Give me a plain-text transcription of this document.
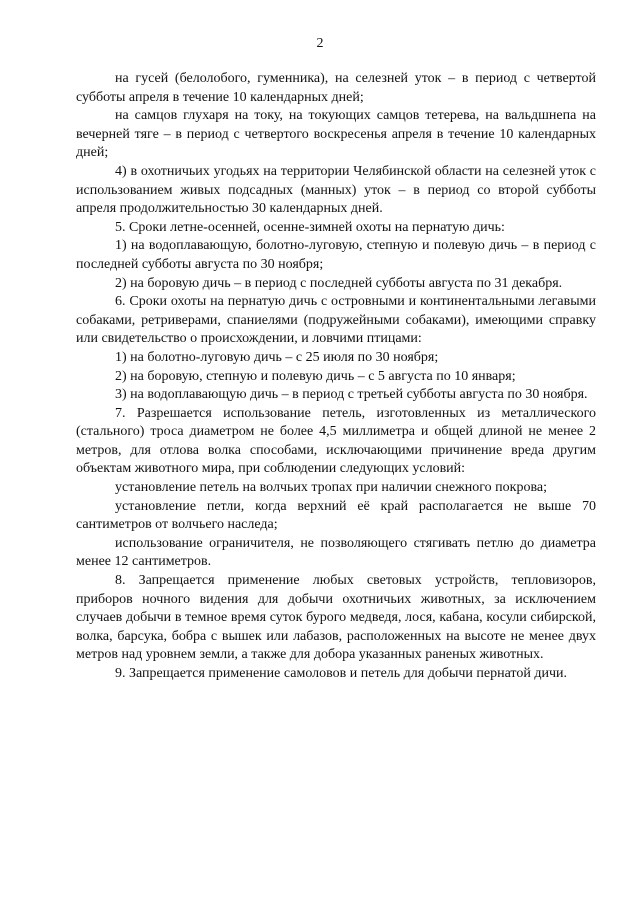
2

на гусей (белолобого, гуменника), на селезней уток – в период с четвертой субботы апреля в течение 10 календарных дней;

на самцов глухаря на току, на токующих самцов тетерева, на вальдшнепа на вечерней тяге – в период с четвертого воскресенья апреля в течение 10 календарных дней;

4) в охотничьих угодьях на территории Челябинской области на селезней уток с использованием живых подсадных (манных) уток – в период со второй субботы апреля продолжительностью 30 календарных дней.

5. Сроки летне-осенней, осенне-зимней охоты на пернатую дичь:

1) на водоплавающую, болотно-луговую, степную и полевую дичь – в период с последней субботы августа по 30 ноября;

2) на боровую дичь – в период с последней субботы августа по 31 декабря.

6. Сроки охоты на пернатую дичь с островными и континентальными легавыми собаками, ретриверами, спаниелями (подружейными собаками), имеющими справку или свидетельство о происхождении, и ловчими птицами:

1) на болотно-луговую дичь – с 25 июля по 30 ноября;

2) на боровую, степную и полевую дичь – с 5 августа по 10 января;

3) на водоплавающую дичь – в период с третьей субботы августа по 30 ноября.

7. Разрешается использование петель, изготовленных из металлического (стального) троса диаметром не более 4,5 миллиметра и общей длиной не менее 2 метров, для отлова волка способами, исключающими причинение вреда другим объектам животного мира, при соблюдении следующих условий:

установление петель на волчьих тропах при наличии снежного покрова;

установление петли, когда верхний её край располагается не выше 70 сантиметров от волчьего наследа;

использование ограничителя, не позволяющего стягивать петлю до диаметра менее 12 сантиметров.

8. Запрещается применение любых световых устройств, тепловизоров, приборов ночного видения для добычи охотничьих животных, за исключением случаев добычи в темное время суток бурого медведя, лося, кабана, косули сибирской, волка, барсука, бобра с вышек или лабазов, расположенных на высоте не менее двух метров над уровнем земли, а также для добора указанных раненых животных.

9. Запрещается применение самоловов и петель для добычи пернатой дичи.
